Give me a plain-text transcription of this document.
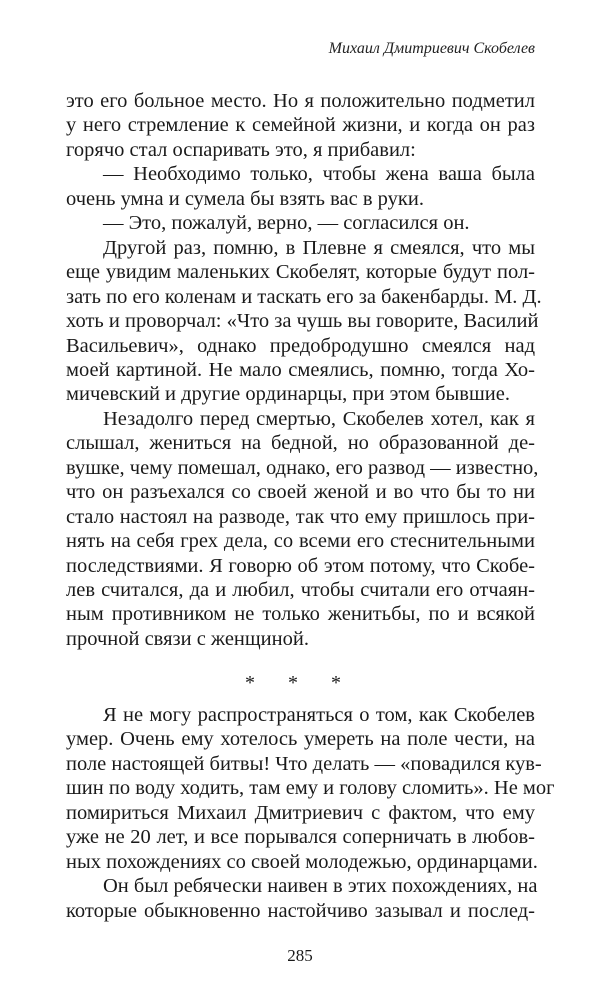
Михаил Дмитриевич Скобелев
это его больное место. Но я положительно подметил
у него стремление к семейной жизни, и когда он раз
горячо стал оспаривать это, я прибавил:
— Необходимо только, чтобы жена ваша была
очень умна и сумела бы взять вас в руки.
— Это, пожалуй, верно, — согласился он.
Другой раз, помню, в Плевне я смеялся, что мы
еще увидим маленьких Скобелят, которые будут пол-
зать по его коленам и таскать его за бакенбарды. М. Д.
хоть и проворчал: «Что за чушь вы говорите, Василий
Васильевич», однако предобродушно смеялся над
моей картиной. Не мало смеялись, помню, тогда Хо-
мичевский и другие ординарцы, при этом бывшие.
Незадолго перед смертью, Скобелев хотел, как я
слышал, жениться на бедной, но образованной де-
вушке, чему помешал, однако, его развод — известно,
что он разъехался со своей женой и во что бы то ни
стало настоял на разводе, так что ему пришлось при-
нять на себя грех дела, со всеми его стеснительными
последствиями. Я говорю об этом потому, что Скобе-
лев считался, да и любил, чтобы считали его отчаян-
ным противником не только женитьбы, по и всякой
прочной связи с женщиной.
Я не могу распространяться о том, как Скобелев
умер. Очень ему хотелось умереть на поле чести, на
поле настоящей битвы! Что делать — «повадился кув-
шин по воду ходить, там ему и голову сломить». Не мог
помириться Михаил Дмитриевич с фактом, что ему
уже не 20 лет, и все порывался соперничать в любов-
ных похождениях со своей молодежью, ординарцами.
Он был ребячески наивен в этих похождениях, на
которые обыкновенно настойчиво зазывал и послед-
* * *
285
